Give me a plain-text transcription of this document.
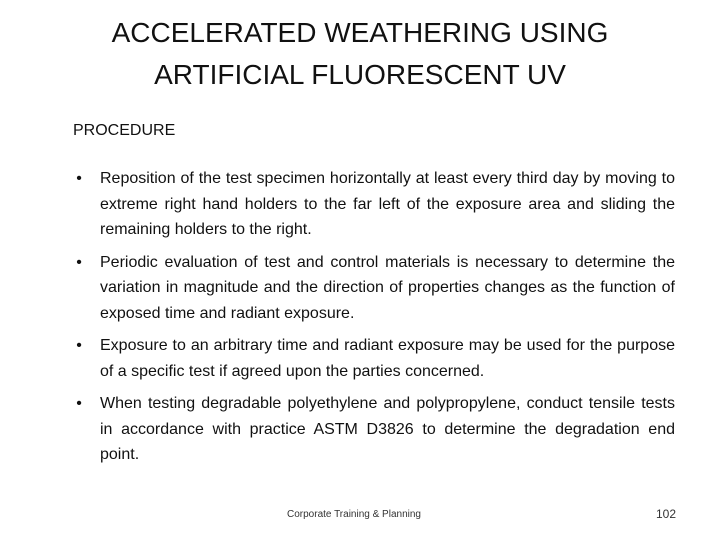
ACCELERATED WEATHERING USING
ARTIFICIAL FLUORESCENT UV
PROCEDURE
• Reposition of the test specimen horizontally at least every third day by moving to extreme right hand holders to the far left of the exposure area and sliding the remaining holders to the right.
• Periodic evaluation of test and control materials is necessary to determine the variation in magnitude and the direction of properties changes as the function of exposed time and radiant exposure.
• Exposure to an arbitrary time and radiant exposure may be used for the purpose of a specific test if agreed upon the parties concerned.
• When testing degradable polyethylene and polypropylene, conduct tensile tests in accordance with practice ASTM D3826 to determine the degradation end point.
Corporate Training & Planning	102
